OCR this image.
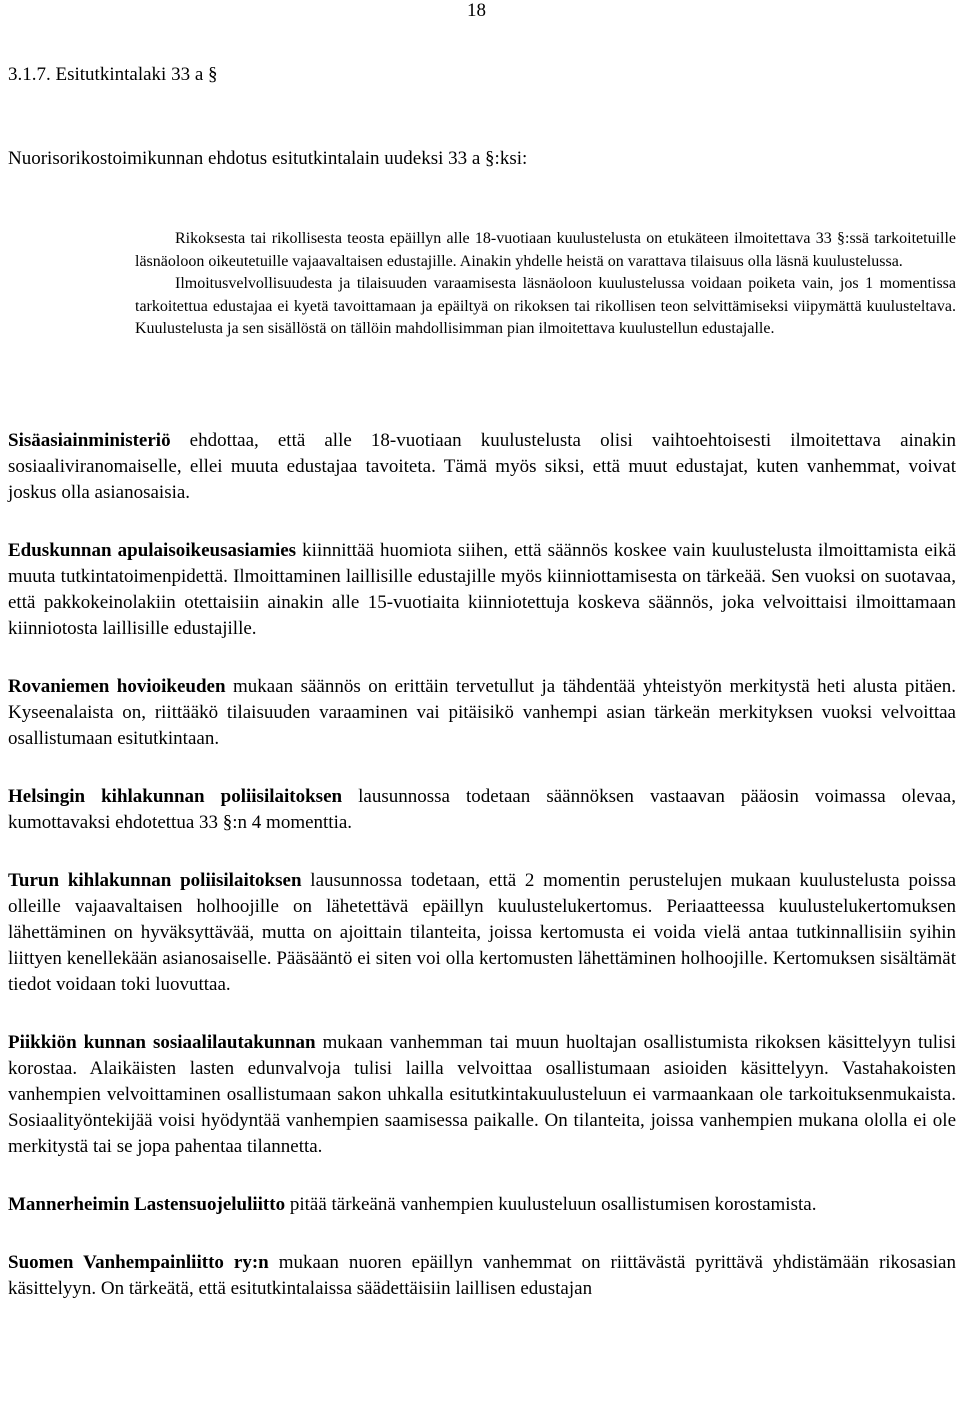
18
3.1.7. Esitutkintalaki 33 a §
Nuorisorikostoimikunnan ehdotus esitutkintalain uudeksi 33 a §:ksi:

Rikoksesta tai rikollisesta teosta epäillyn alle 18-vuotiaan kuulustelusta on etukäteen ilmoitettava 33 §:ssä tarkoitetuille läsnäoloon oikeutetuille vajaavaltaisen edustajille. Ainakin yhdelle heistä on varattava tilaisuus olla läsnä kuulustelussa.

Ilmoitusvelvollisuudesta ja tilaisuuden varaamisesta läsnäoloon kuulustelussa voidaan poiketa vain, jos 1 momentissa tarkoitettua edustajaa ei kyetä tavoittamaan ja epäiltyä on rikoksen tai rikollisen teon selvittämiseksi viipymättä kuulusteltava. Kuulustelusta ja sen sisällöstä on tällöin mahdollisimman pian ilmoitettava kuulustellun edustajalle.

Sisäasiainministeriö ehdottaa, että alle 18-vuotiaan kuulustelusta olisi vaihtoehtoisesti ilmoitettava ainakin sosiaaliviranomaiselle, ellei muuta edustajaa tavoiteta. Tämä myös siksi, että muut edustajat, kuten vanhemmat, voivat joskus olla asianosaisia.

Eduskunnan apulaisoikeusasiamies kiinnittää huomiota siihen, että säännös koskee vain kuulustelusta ilmoittamista eikä muuta tutkintatoimenpidettä. Ilmoittaminen laillisille edustajille myös kiinniottamisesta on tärkeää. Sen vuoksi on suotavaa, että pakkokeinolakiin otettaisiin ainakin alle 15-vuotiaita kiinniotettuja koskeva säännös, joka velvoittaisi ilmoittamaan kiinniotosta laillisille edustajille.

Rovaniemen hovioikeuden mukaan säännös on erittäin tervetullut ja tähdentää yhteistyön merkitystä heti alusta pitäen. Kyseenalaista on, riittääkö tilaisuuden varaaminen vai pitäisikö vanhempi asian tärkeän merkityksen vuoksi velvoittaa osallistumaan esitutkintaan.

Helsingin kihlakunnan poliisilaitoksen lausunnossa todetaan säännöksen vastaavan pääosin voimassa olevaa, kumottavaksi ehdotettua 33 §:n 4 momenttia.

Turun kihlakunnan poliisilaitoksen lausunnossa todetaan, että 2 momentin perustelujen mukaan kuulustelusta poissa olleille vajaavaltaisen holhoojille on lähetettävä epäillyn kuulustelukertomus. Periaatteessa kuulustelukertomuksen lähettäminen on hyväksyttävää, mutta on ajoittain tilanteita, joissa kertomusta ei voida vielä antaa tutkinnallisiin syihin liittyen kenellekään asianosaiselle. Pääsääntö ei siten voi olla kertomusten lähettäminen holhoojille. Kertomuksen sisältämät tiedot voidaan toki luovuttaa.

Piikkiön kunnan sosiaalilautakunnan mukaan vanhemman tai muun huoltajan osallistumista rikoksen käsittelyyn tulisi korostaa. Alaikäisten lasten edunvalvoja tulisi lailla velvoittaa osallistumaan asioiden käsittelyyn. Vastahakoisten vanhempien velvoittaminen osallistumaan sakon uhkalla esitutkintakuulusteluun ei varmaankaan ole tarkoituksenmukaista. Sosiaalityöntekijää voisi hyödyntää vanhempien saamisessa paikalle. On tilanteita, joissa vanhempien mukana ololla ei ole merkitystä tai se jopa pahentaa tilannetta.

Mannerheimin Lastensuojeluliitto pitää tärkeänä vanhempien kuulusteluun osallistumisen korostamista.

Suomen Vanhempainliitto ry:n mukaan nuoren epäillyn vanhemmat on riittävästä pyrittävä yhdistämään rikosasian käsittelyyn. On tärkeätä, että esitutkintalaissa säädettäisiin laillisen edustajan
